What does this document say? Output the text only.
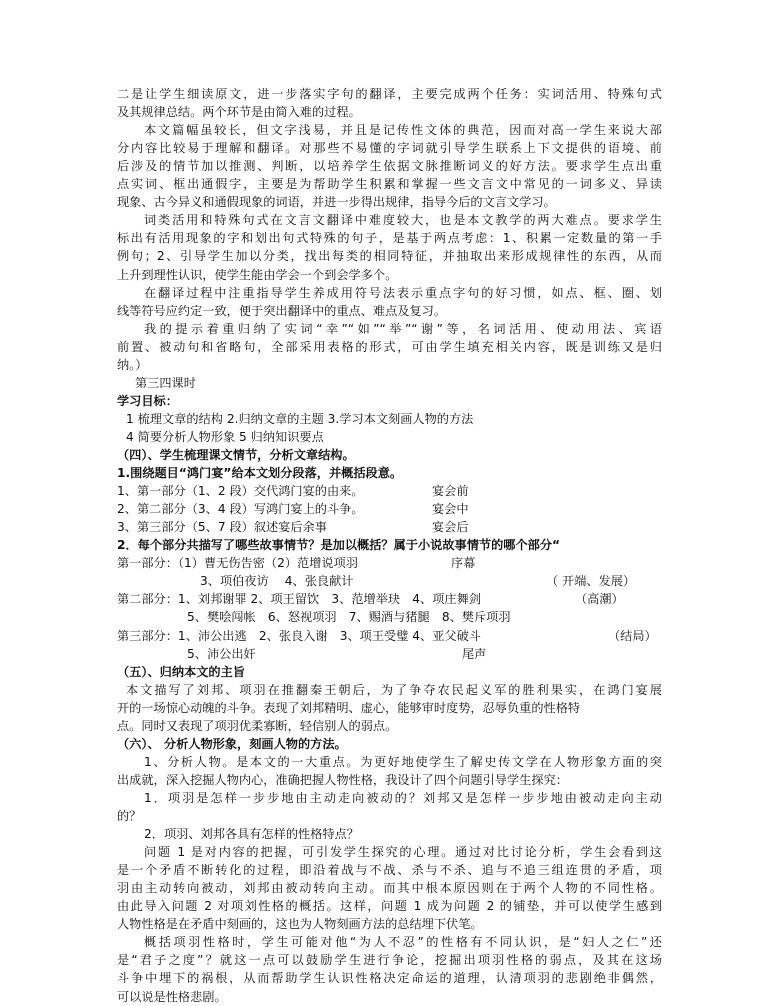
二是让学生细读原文，进一步落实字句的翻译，主要完成两个任务：实词活用、特殊句式
及其规律总结。两个环节是由简入难的过程。
本文篇幅虽较长，但文字浅易，并且是记传性文体的典范，因而对高一学生来说大部
分内容比较易于理解和翻译。对那些不易懂的字词就引导学生联系上下文提供的语境、前
后涉及的情节加以推测、判断，以培养学生依据文脉推断词义的好方法。要求学生点出重
点实词、框出通假字，主要是为帮助学生积累和掌握一些文言文中常见的一词多义、异读
现象、古今异义和通假现象的词语，并进一步得出规律，指导今后的文言文学习。
词类活用和特殊句式在文言文翻译中难度较大，也是本文教学的两大难点。要求学生
标出有活用现象的字和划出句式特殊的句子，是基于两点考虑：1、积累一定数量的第一手
例句；2、引导学生加以分类，找出每类的相同特征，并抽取出来形成规律性的东西，从而
上升到理性认识，使学生能由学会一个到会学多个。
在翻译过程中注重指导学生养成用符号法表示重点字句的好习惯，如点、框、圈、划
线等符号应约定一致，便于突出翻译中的重点、难点及复习。
我的提示着重归纳了实词“幸”“如”“举”“谢”等，名词活用、使动用法、宾语
前置、被动句和省略句，全部采用表格的形式，可由学生填充相关内容，既是训练又是归
纳。）
第三四课时
学习目标：
1 梳理文章的结构 2.归纳文章的主题 3.学习本文刻画人物的方法
4 简要分析人物形象 5 归纳知识要点
（四）、学生梳理课文情节，分析文章结构。
1.围绕题目“鸿门宴”给本文划分段落，并概括段意。
1、第一部分（1、2 段）交代鸿门宴的由来。
2、第二部分（3、4 段）写鸿门宴上的斗争。
3、第三部分（5、7 段）叙述宴后余事
2．每个部分共描写了哪些故事情节？是加以概括？属于小说故事情节的哪个部分“
第一部分：（1）曹无伤告密（2）范增说项羽
3、项伯夜访　 4、张良献计
第二部分：1、刘邦谢罪 2、项王留饮　3、范增举玦　4、项庄舞剑
5、樊哙闯帐　6、怒视项羽　7、赐酒与猪腿　8、樊斥项羽
第三部分：1、沛公出逃　2、张良入谢　3、项王受璧 4、亚父破斗
5、沛公出奸
（五）、归纳本文的主旨
本文描写了刘邦、项羽在推翻秦王朝后，为了争夺农民起义军的胜利果实，在鸿门宴展
开的一场惊心动魄的斗争。表现了刘邦精明、虚心，能够审时度势，忍辱负重的性格特
点。同时又表现了项羽优柔寡断，轻信别人的弱点。
（六）、 分析人物形象，刻画人物的方法。
1、分析人物。是本文的一大重点。为更好地使学生了解史传文学在人物形象方面的突
出成就，深入挖掘人物内心，准确把握人物性格，我设计了四个问题引导学生探究：
1．项羽是怎样一步步地由主动走向被动的？刘邦又是怎样一步步地由被动走向主动
的？
2．项羽、刘邦各具有怎样的性格特点？
问题 1 是对内容的把握，可引发学生探究的心理。通过对比讨论分析，学生会看到这
是一个矛盾不断转化的过程，即沿着战与不战、杀与不杀、追与不追三组连贯的矛盾，项
羽由主动转向被动，刘邦由被动转向主动。而其中根本原因则在于两个人物的不同性格。
由此导入问题 2 对项刘性格的概括。这样，问题 1 成为问题 2 的铺垫，并可以使学生感到
人物性格是在矛盾中刻画的，这也为人物刻画方法的总结埋下伏笔。
概括项羽性格时，学生可能对他“为人不忍”的性格有不同认识，是“妇人之仁”还
是“君子之度”？就这一点可以鼓励学生进行争论，挖掘出项羽性格的弱点，及其在这场
斗争中埋下的祸根，从而帮助学生认识性格决定命运的道理，认清项羽的悲剧绝非偶然，
可以说是性格悲剧。
宴会前
宴会中
宴会后
序幕
（ 开端、发展）
（高潮）
（结局）
尾声
